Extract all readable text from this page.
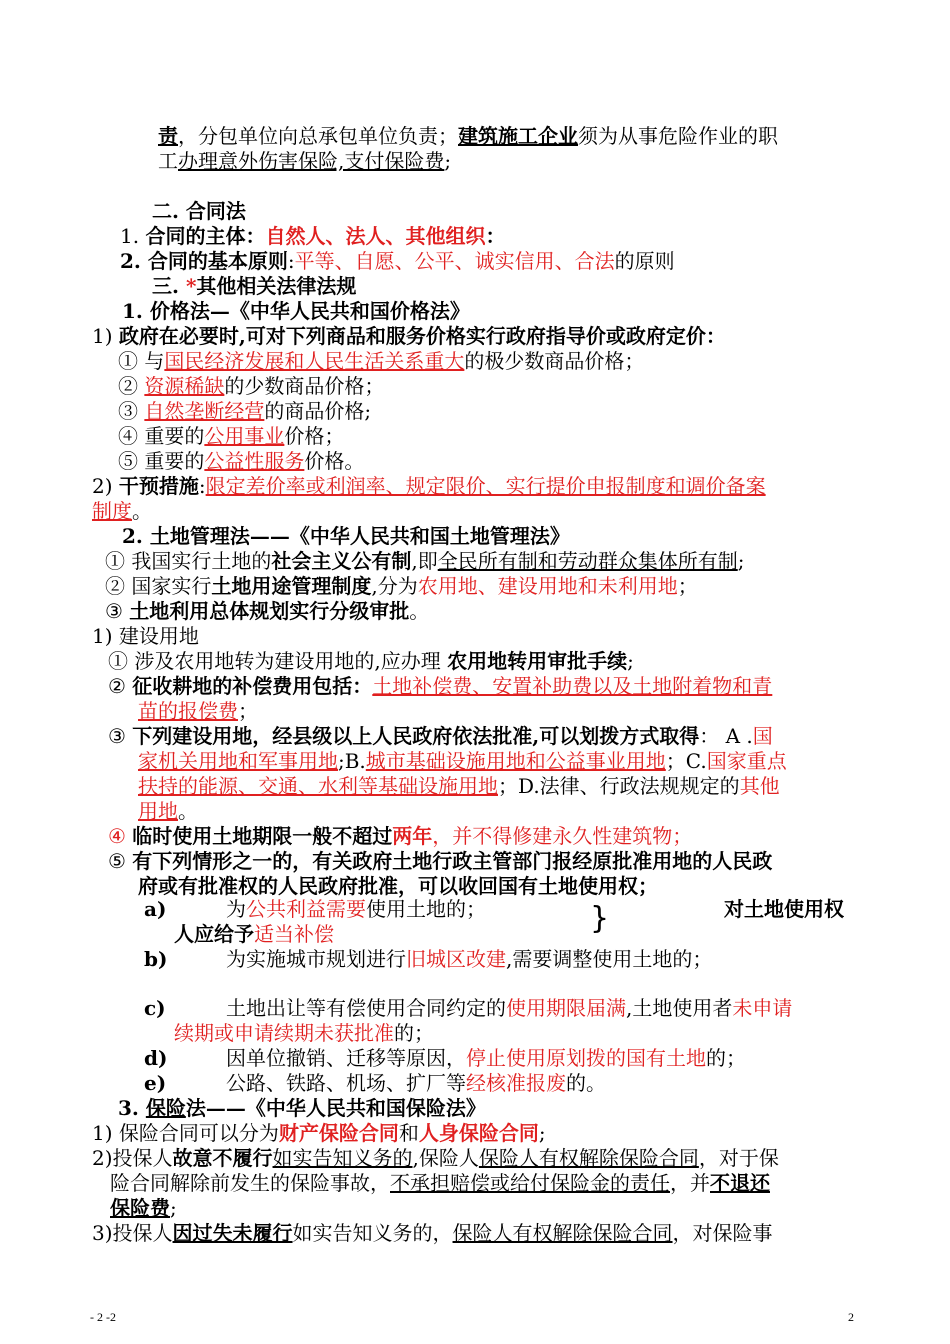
责，分包单位向总承包单位负责；建筑施工企业须为从事危险作业的职
工办理意外伤害保险,支付保险费;
二. 合同法
1. 合同的主体：自然人、法人、其他组织：
2. 合同的基本原则:平等、自愿、公平、诚实信用、合法的原则
三. *其他相关法律法规
1. 价格法—《中华人民共和国价格法》
1) 政府在必要时,可对下列商品和服务价格实行政府指导价或政府定价：
① 与国民经济发展和人民生活关系重大的极少数商品价格；
② 资源稀缺的少数商品价格；
③ 自然垄断经营的商品价格;
④ 重要的公用事业价格；
⑤ 重要的公益性服务价格。
2) 干预措施:限定差价率或利润率、规定限价、实行提价申报制度和调价备案
制度。
2. 土地管理法——《中华人民共和国土地管理法》
① 我国实行土地的社会主义公有制,即全民所有制和劳动群众集体所有制;
② 国家实行土地用途管理制度,分为农用地、建设用地和未利用地；
③ 土地利用总体规划实行分级审批。
1) 建设用地
① 涉及农用地转为建设用地的,应办理 农用地转用审批手续;
② 征收耕地的补偿费用包括：土地补偿费、安置补助费以及土地附着物和青
苗的报偿费；
③ 下列建设用地，经县级以上人民政府依法批准,可以划拨方式取得： A .国
家机关用地和军事用地;B.城市基础设施用地和公益事业用地；C.国家重点
扶持的能源、交通、水利等基础设施用地；D.法律、行政法规规定的其他
用地。
④ 临时使用土地期限一般不超过两年，并不得修建永久性建筑物；
⑤ 有下列情形之一的，有关政府土地行政主管部门报经原批准用地的人民政
府或有批准权的人民政府批准，可以收回国有土地使用权；
a)	为公共利益需要使用土地的；	对土地使用权
人应给予适当补偿
b)	为实施城市规划进行旧城区改建,需要调整使用土地的；
c)	土地出让等有偿使用合同约定的使用期限届满,土地使用者未申请
续期或申请续期未获批准的；
d)	因单位撤销、迁移等原因，停止使用原划拨的国有土地的；
e)	公路、铁路、机场、扩厂等经核准报废的。
3. 保险法——《中华人民共和国保险法》
1) 保险合同可以分为财产保险合同和人身保险合同;
2)投保人故意不履行如实告知义务的,保险人保险人有权解除保险合同，对于保
险合同解除前发生的保险事故，不承担赔偿或给付保险金的责任，并不退还
保险费;
3)投保人因过失未履行如实告知义务的，保险人有权解除保险合同，对保险事
}
- 2 -2	2
